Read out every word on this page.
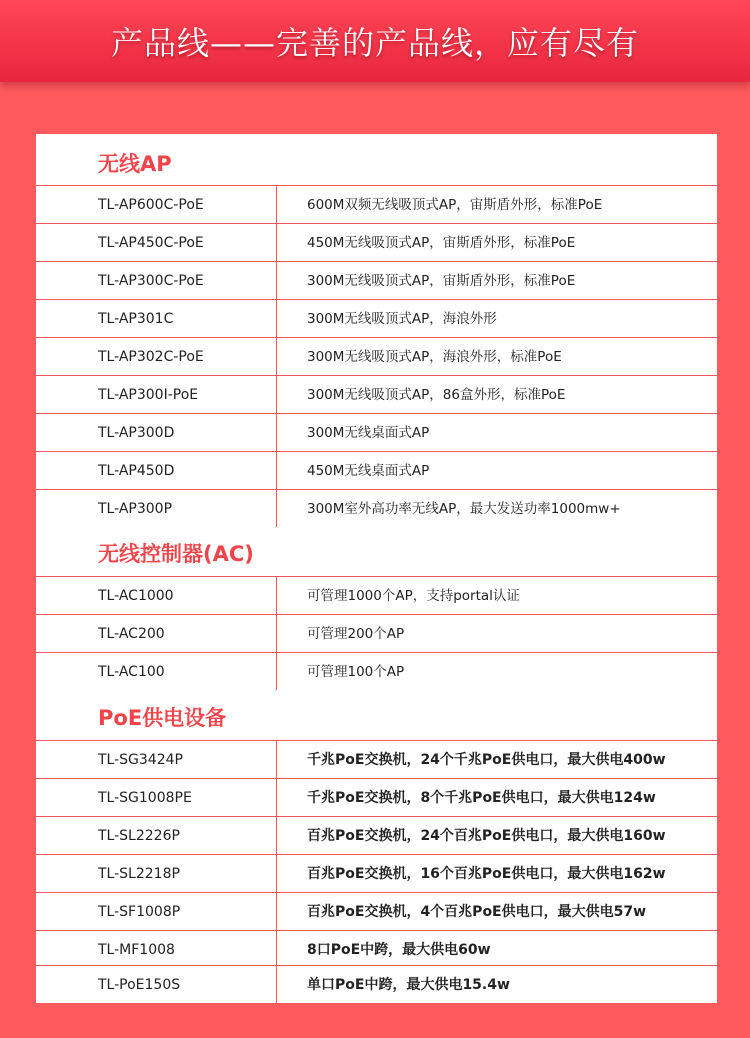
产品线——完善的产品线，应有尽有
无线AP
TL-AP600C-PoE	600M双频无线吸顶式AP，宙斯盾外形，标准PoE
TL-AP450C-PoE	450M无线吸顶式AP，宙斯盾外形，标准PoE
TL-AP300C-PoE	300M无线吸顶式AP，宙斯盾外形，标准PoE
TL-AP301C	300M无线吸顶式AP，海浪外形
TL-AP302C-PoE	300M无线吸顶式AP，海浪外形，标准PoE
TL-AP300I-PoE	300M无线吸顶式AP，86盒外形，标准PoE
TL-AP300D	300M无线桌面式AP
TL-AP450D	450M无线桌面式AP
TL-AP300P	300M室外高功率无线AP，最大发送功率1000mw+
无线控制器(AC)
TL-AC1000	可管理1000个AP，支持portal认证
TL-AC200	可管理200个AP
TL-AC100	可管理100个AP
PoE供电设备
TL-SG3424P	千兆PoE交换机，24个千兆PoE供电口，最大供电400w
TL-SG1008PE	千兆PoE交换机，8个千兆PoE供电口，最大供电124w
TL-SL2226P	百兆PoE交换机，24个百兆PoE供电口，最大供电160w
TL-SL2218P	百兆PoE交换机，16个百兆PoE供电口，最大供电162w
TL-SF1008P	百兆PoE交换机，4个百兆PoE供电口，最大供电57w
TL-MF1008	8口PoE中跨，最大供电60w
TL-PoE150S	单口PoE中跨，最大供电15.4w
